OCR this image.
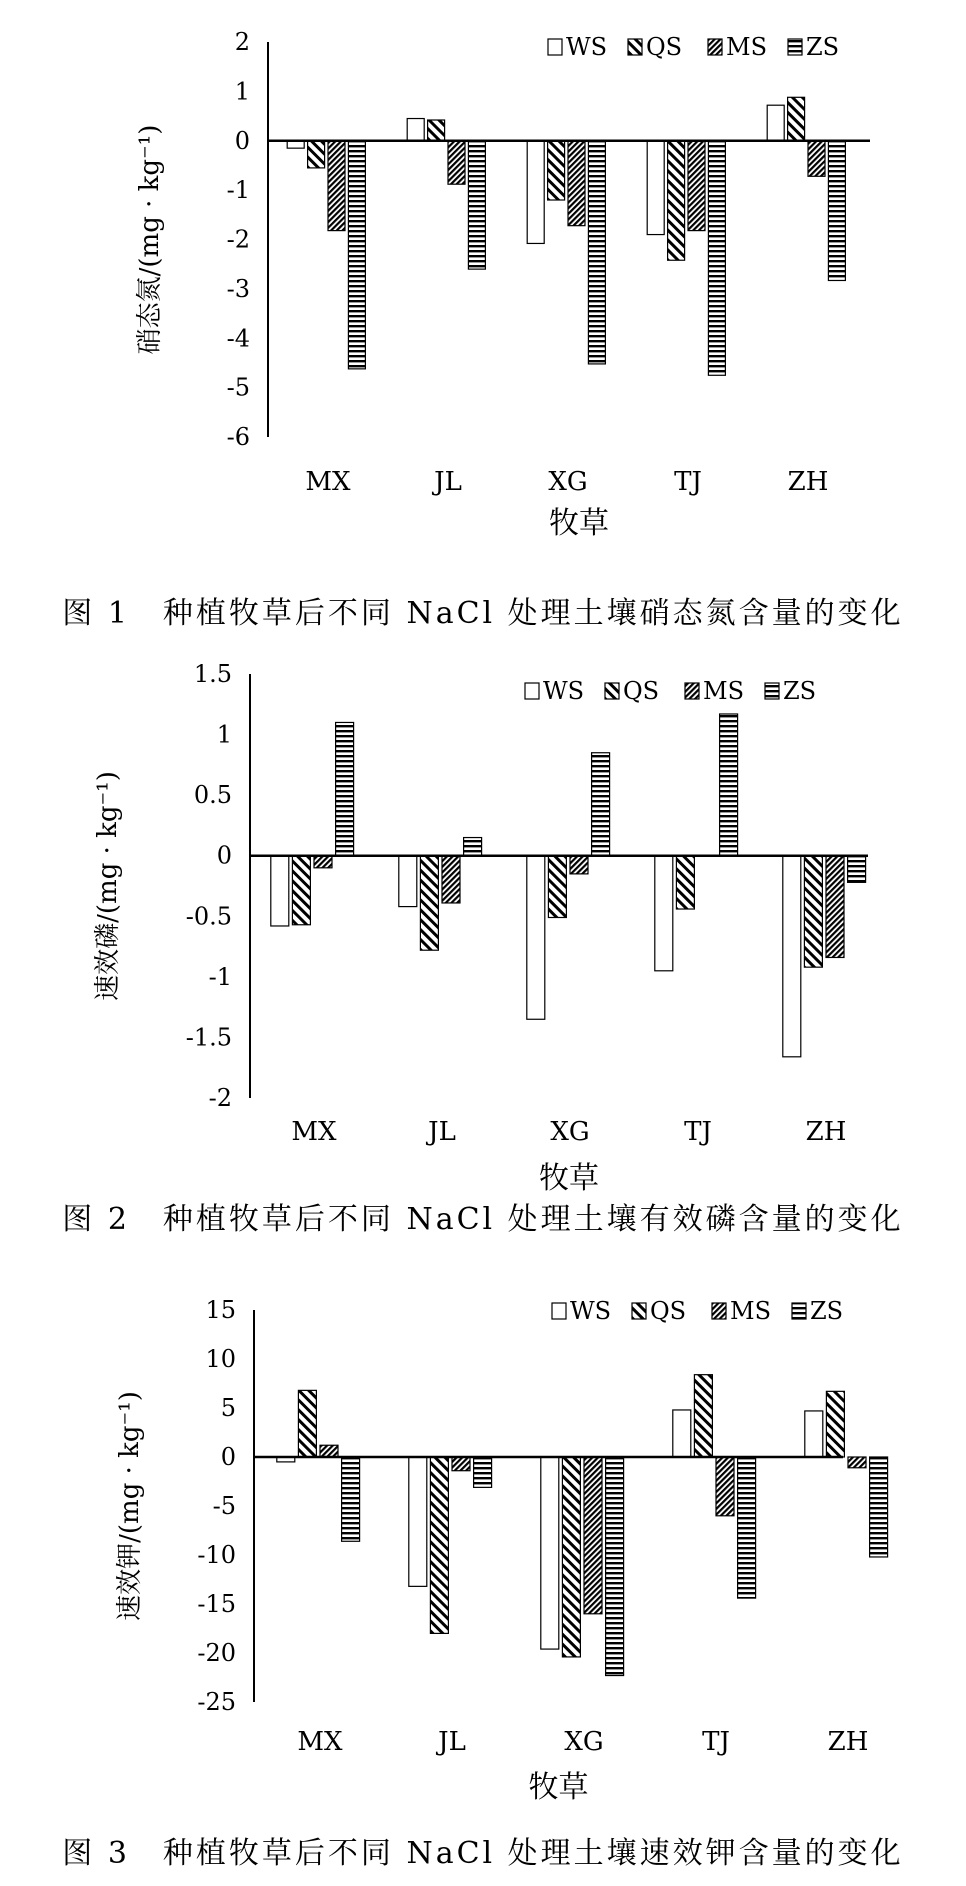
2
1
0
-1
-2
-3
-4
-5
-6
MX	JL	XG	TJ	ZH
牧草
硝态氮/(mg · kg⁻¹)
WS QS MS ZS
图 1　种植牧草后不同 NaCl 处理土壤硝态氮含量的变化
1.5
1
0.5
0
-0.5
-1
-1.5
-2
MX	JL	XG	TJ	ZH
牧草
速效磷/(mg · kg⁻¹)
WS QS MS ZS
图 2　种植牧草后不同 NaCl 处理土壤有效磷含量的变化
15
10
5
0
-5
-10
-15
-20
-25
MX	JL	XG	TJ	ZH
牧草
速效钾/(mg · kg⁻¹)
WS QS MS ZS
图 3　种植牧草后不同 NaCl 处理土壤速效钾含量的变化
